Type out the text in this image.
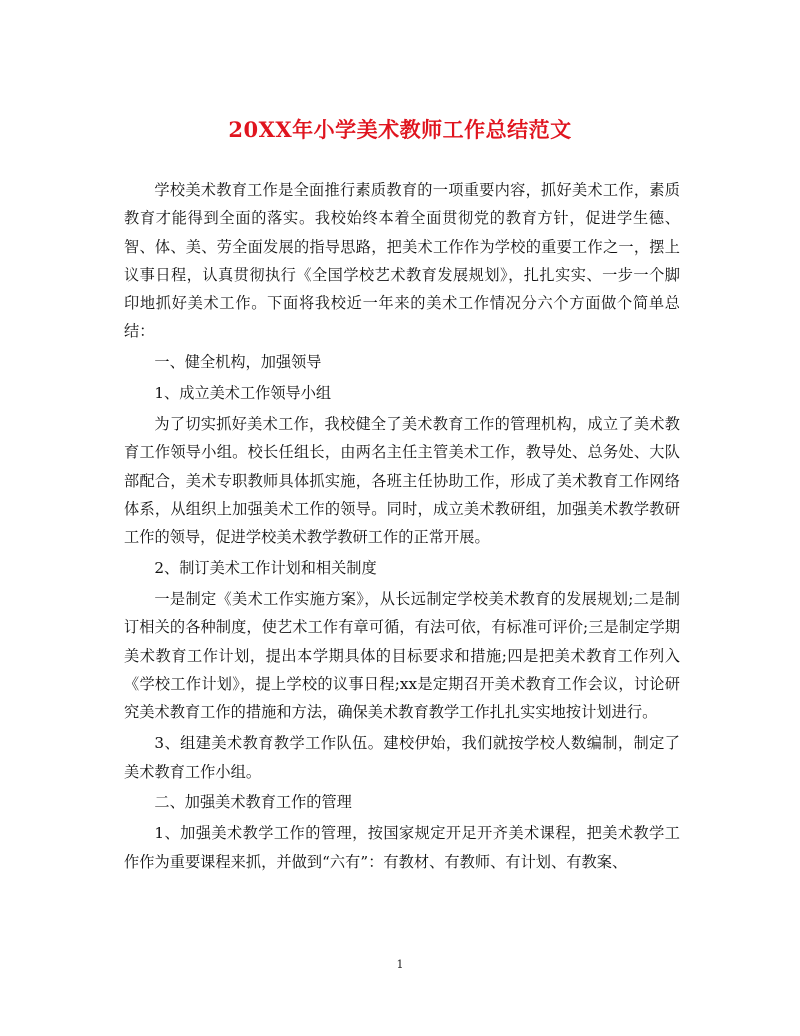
20XX年小学美术教师工作总结范文

学校美术教育工作是全面推行素质教育的一项重要内容，抓好美术工作，素质教育才能得到全面的落实。我校始终本着全面贯彻党的教育方针，促进学生德、智、体、美、劳全面发展的指导思路，把美术工作作为学校的重要工作之一，摆上议事日程，认真贯彻执行《全国学校艺术教育发展规划》，扎扎实实、一步一个脚印地抓好美术工作。下面将我校近一年来的美术工作情况分六个方面做个简单总结：

一、健全机构，加强领导

1、成立美术工作领导小组

为了切实抓好美术工作，我校健全了美术教育工作的管理机构，成立了美术教育工作领导小组。校长任组长，由两名主任主管美术工作，教导处、总务处、大队部配合，美术专职教师具体抓实施，各班主任协助工作，形成了美术教育工作网络体系，从组织上加强美术工作的领导。同时，成立美术教研组，加强美术教学教研工作的领导，促进学校美术教学教研工作的正常开展。

2、制订美术工作计划和相关制度

一是制定《美术工作实施方案》，从长远制定学校美术教育的发展规划;二是制订相关的各种制度，使艺术工作有章可循，有法可依，有标准可评价;三是制定学期美术教育工作计划，提出本学期具体的目标要求和措施;四是把美术教育工作列入《学校工作计划》，提上学校的议事日程;xx是定期召开美术教育工作会议，讨论研究美术教育工作的措施和方法，确保美术教育教学工作扎扎实实地按计划进行。

3、组建美术教育教学工作队伍。建校伊始，我们就按学校人数编制，制定了美术教育工作小组。

二、加强美术教育工作的管理

1、加强美术教学工作的管理，按国家规定开足开齐美术课程，把美术教学工作作为重要课程来抓，并做到“六有”：有教材、有教师、有计划、有教案、

1
